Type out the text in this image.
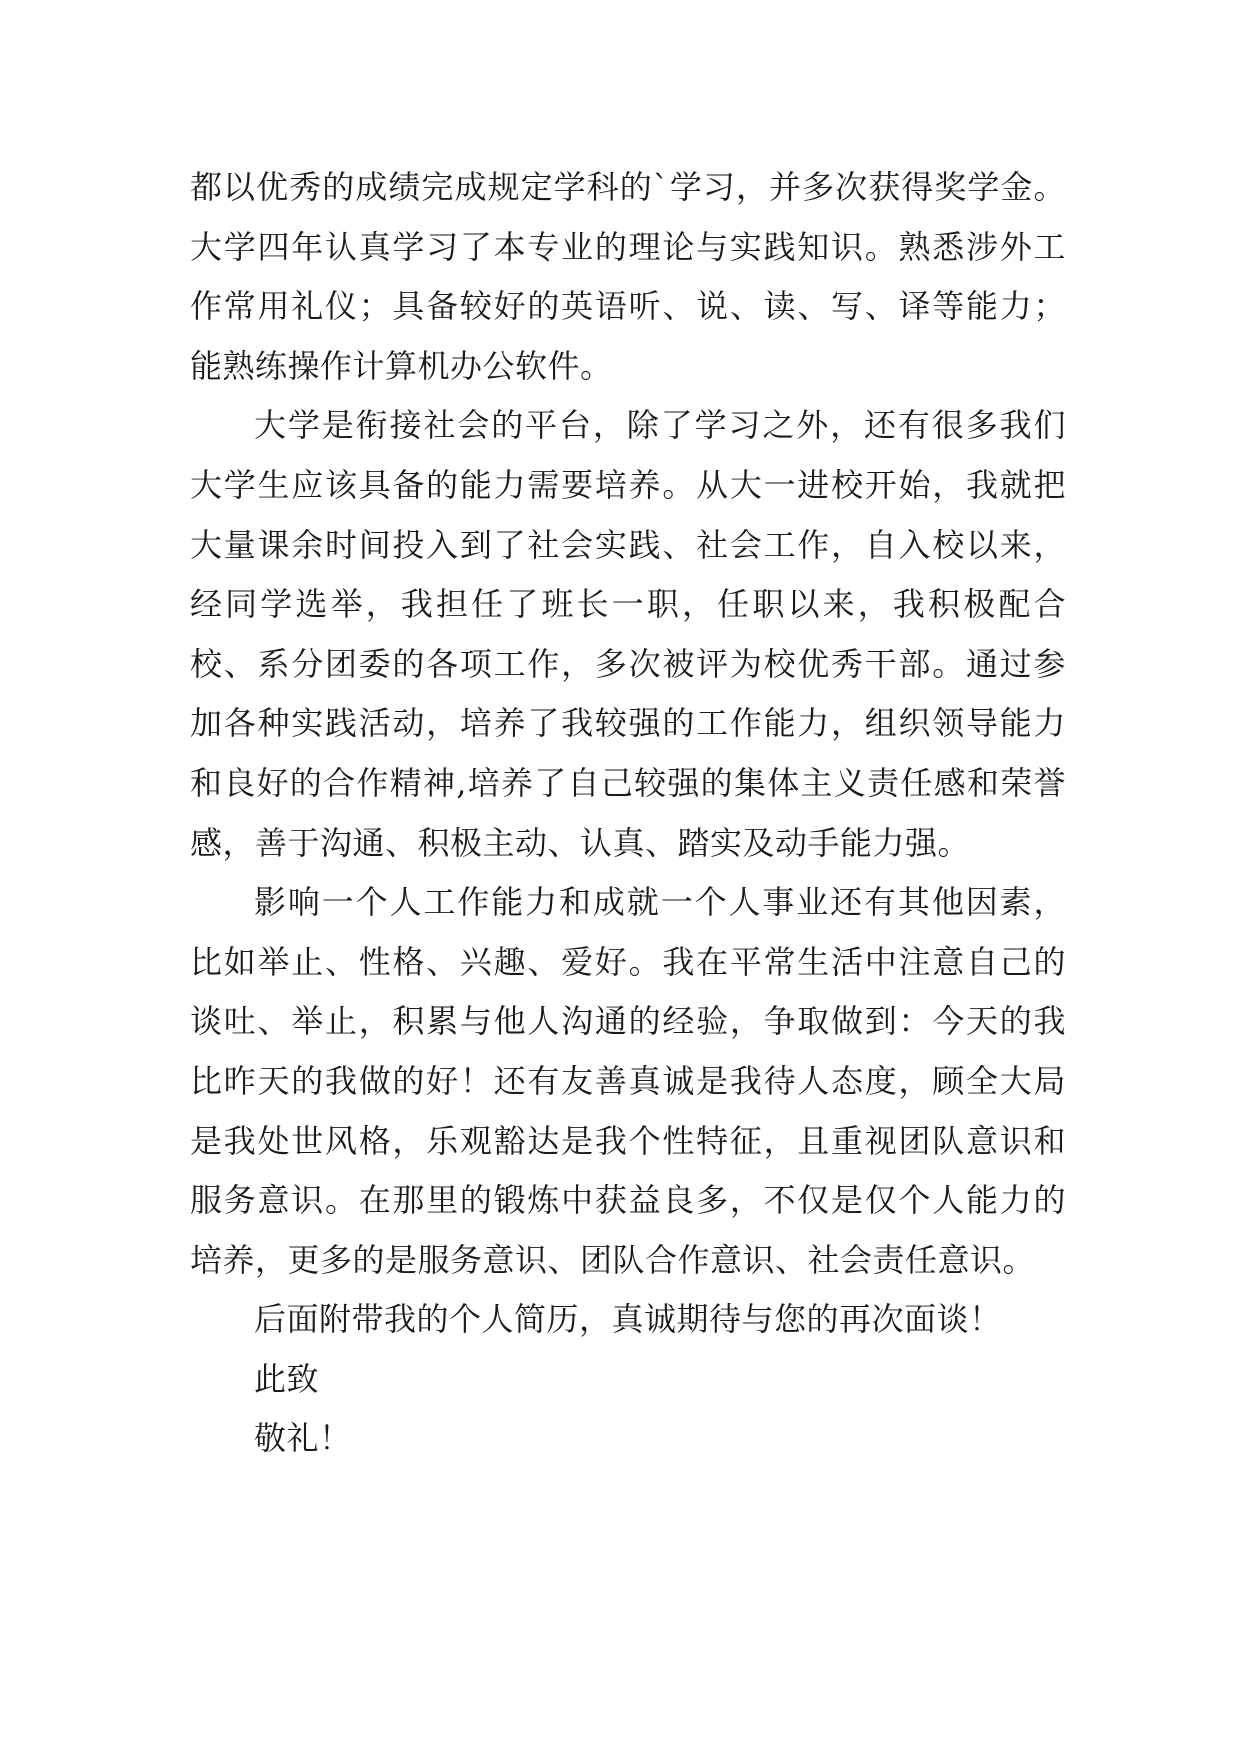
都以优秀的成绩完成规定学科的`学习，并多次获得奖学金。大学四年认真学习了本专业的理论与实践知识。熟悉涉外工作常用礼仪；具备较好的英语听、说、读、写、译等能力；能熟练操作计算机办公软件。

大学是衔接社会的平台，除了学习之外，还有很多我们大学生应该具备的能力需要培养。从大一进校开始，我就把大量课余时间投入到了社会实践、社会工作，自入校以来，经同学选举，我担任了班长一职，任职以来，我积极配合校、系分团委的各项工作，多次被评为校优秀干部。通过参加各种实践活动，培养了我较强的工作能力，组织领导能力和良好的合作精神,培养了自己较强的集体主义责任感和荣誉感，善于沟通、积极主动、认真、踏实及动手能力强。

影响一个人工作能力和成就一个人事业还有其他因素，比如举止、性格、兴趣、爱好。我在平常生活中注意自己的谈吐、举止，积累与他人沟通的经验，争取做到：今天的我比昨天的我做的好！还有友善真诚是我待人态度，顾全大局是我处世风格，乐观豁达是我个性特征，且重视团队意识和服务意识。在那里的锻炼中获益良多，不仅是仅个人能力的培养，更多的是服务意识、团队合作意识、社会责任意识。

后面附带我的个人简历，真诚期待与您的再次面谈！

此致

敬礼！
